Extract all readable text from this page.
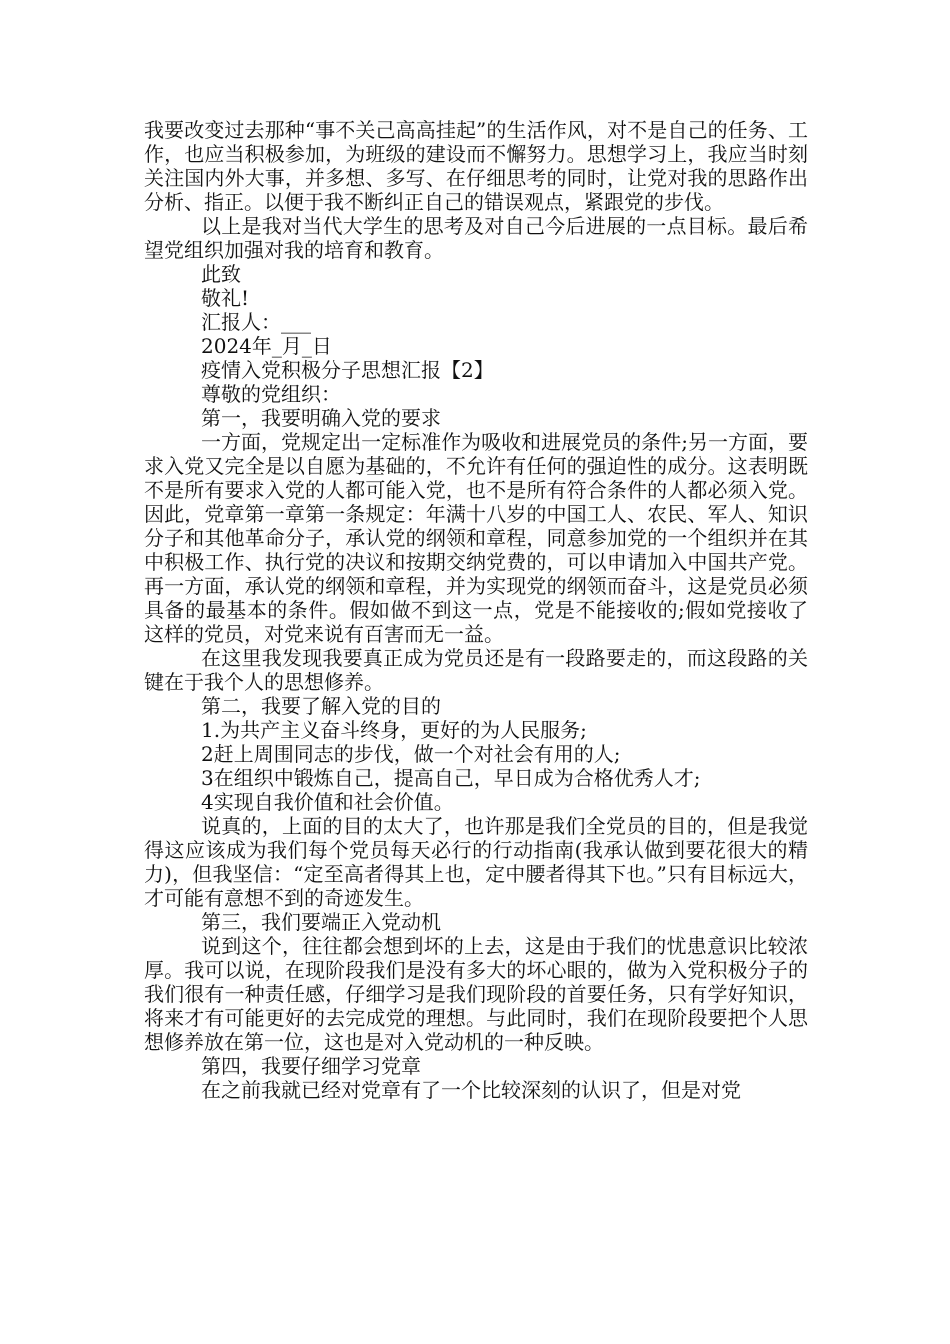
我要改变过去那种“事不关己高高挂起”的生活作风，对不是自己的任务、工作，也应当积极参加，为班级的建设而不懈努力。思想学习上，我应当时刻关注国内外大事，并多想、多写、在仔细思考的同时，让党对我的思路作出分析、指正。以便于我不断纠正自己的错误观点，紧跟党的步伐。

以上是我对当代大学生的思考及对自己今后进展的一点目标。最后希望党组织加强对我的培育和教育。

此致

敬礼!

汇报人：___

2024年_月_日

疫情入党积极分子思想汇报【2】

尊敬的党组织：

第一，我要明确入党的要求

一方面，党规定出一定标准作为吸收和进展党员的条件;另一方面，要求入党又完全是以自愿为基础的，不允许有任何的强迫性的成分。这表明既不是所有要求入党的人都可能入党，也不是所有符合条件的人都必须入党。因此，党章第一章第一条规定：年满十八岁的中国工人、农民、军人、知识分子和其他革命分子，承认党的纲领和章程，同意参加党的一个组织并在其中积极工作、执行党的决议和按期交纳党费的，可以申请加入中国共产党。再一方面，承认党的纲领和章程，并为实现党的纲领而奋斗，这是党员必须具备的最基本的条件。假如做不到这一点，党是不能接收的;假如党接收了这样的党员，对党来说有百害而无一益。

在这里我发现我要真正成为党员还是有一段路要走的，而这段路的关键在于我个人的思想修养。

第二，我要了解入党的目的

1.为共产主义奋斗终身，更好的为人民服务;

2赶上周围同志的步伐，做一个对社会有用的人;

3在组织中锻炼自己，提高自己，早日成为合格优秀人才;

4实现自我价值和社会价值。

说真的，上面的目的太大了，也许那是我们全党员的目的，但是我觉得这应该成为我们每个党员每天必行的行动指南(我承认做到要花很大的精力)，但我坚信：“定至高者得其上也，定中腰者得其下也。”只有目标远大，才可能有意想不到的奇迹发生。

第三，我们要端正入党动机

说到这个，往往都会想到坏的上去，这是由于我们的忧患意识比较浓厚。我可以说，在现阶段我们是没有多大的坏心眼的，做为入党积极分子的我们很有一种责任感，仔细学习是我们现阶段的首要任务，只有学好知识，将来才有可能更好的去完成党的理想。与此同时，我们在现阶段要把个人思想修养放在第一位，这也是对入党动机的一种反映。

第四，我要仔细学习党章

在之前我就已经对党章有了一个比较深刻的认识了，但是对党
